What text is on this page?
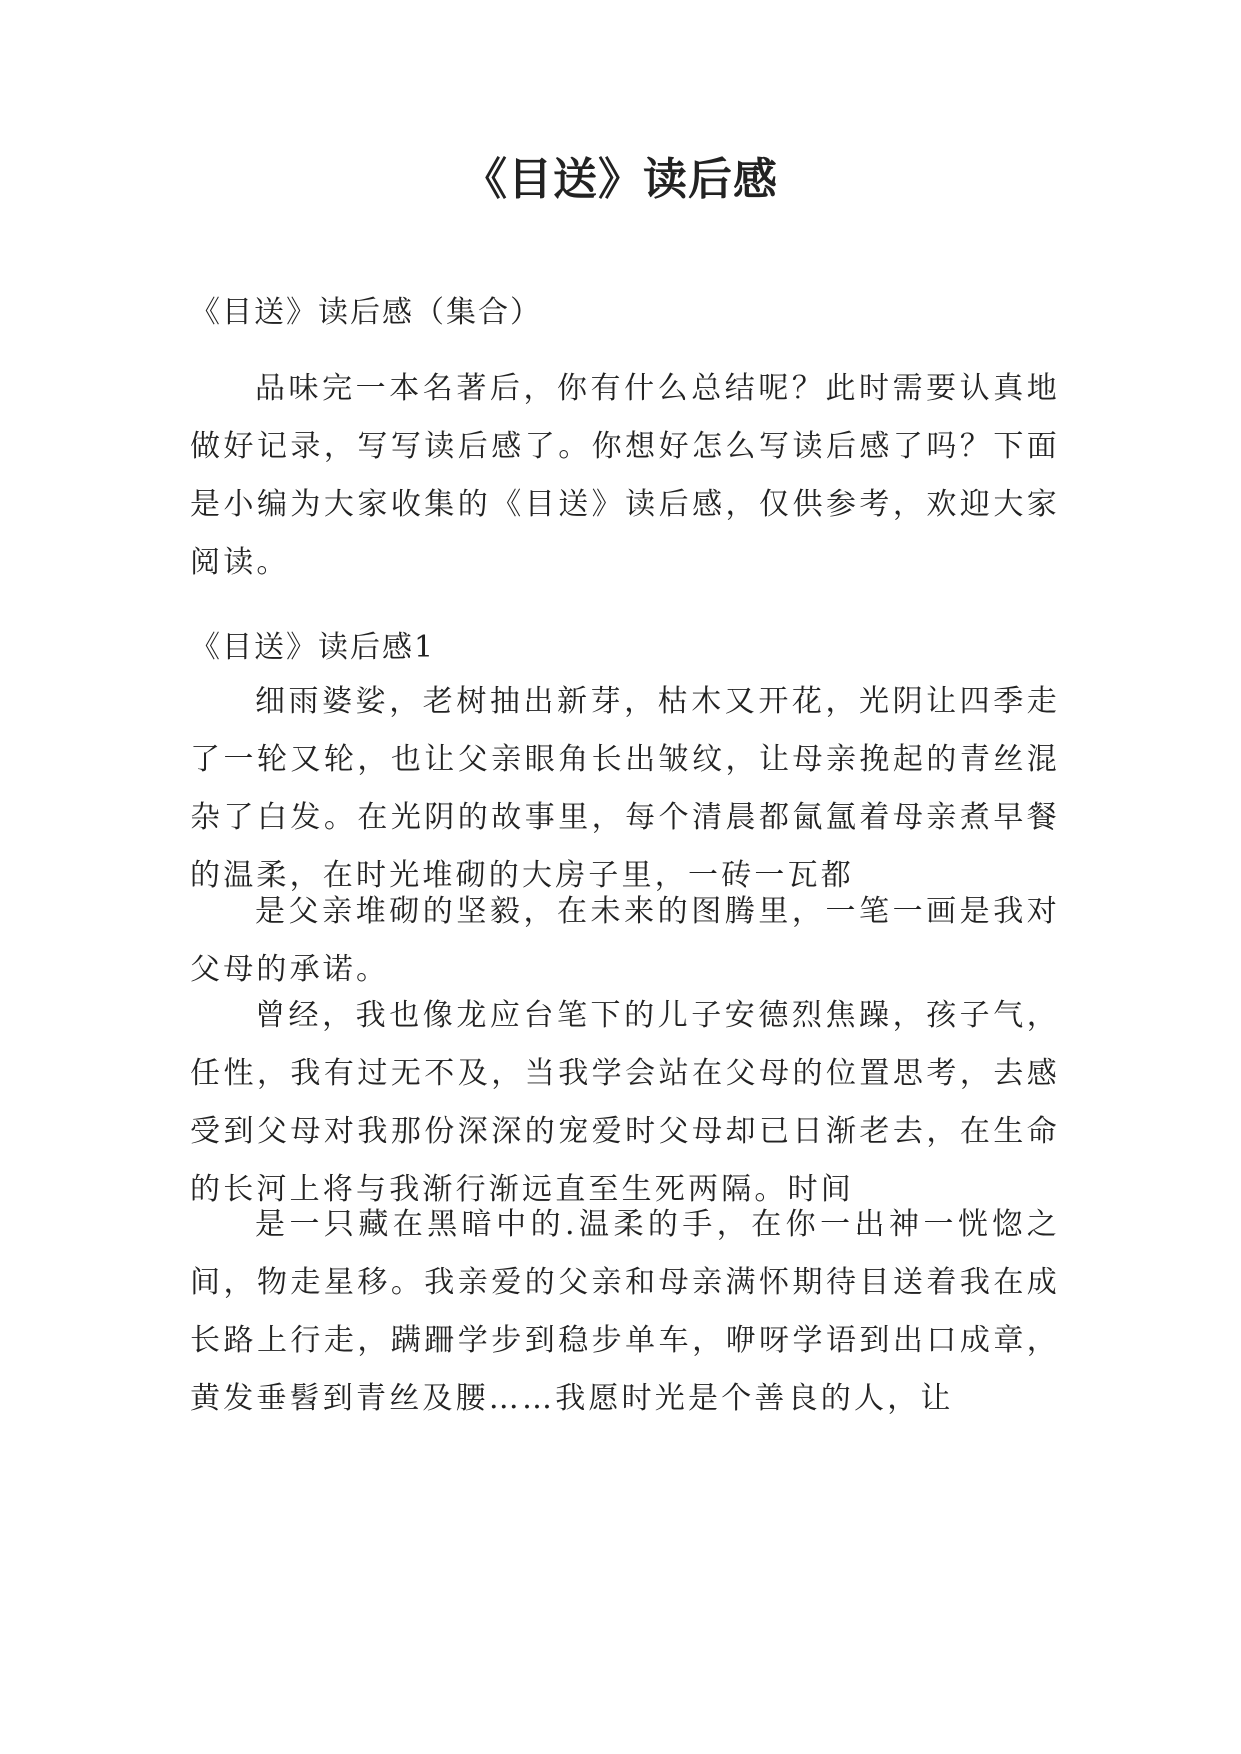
《目送》读后感
《目送》读后感（集合）

品味完一本名著后，你有什么总结呢？此时需要认真地做好记录，写写读后感了。你想好怎么写读后感了吗？下面是小编为大家收集的《目送》读后感，仅供参考，欢迎大家阅读。

《目送》读后感1

细雨婆娑，老树抽出新芽，枯木又开花，光阴让四季走了一轮又轮，也让父亲眼角长出皱纹，让母亲挽起的青丝混杂了白发。在光阴的故事里，每个清晨都氤氲着母亲煮早餐的温柔，在时光堆砌的大房子里，一砖一瓦都

是父亲堆砌的坚毅，在未来的图腾里，一笔一画是我对父母的承诺。

曾经，我也像龙应台笔下的儿子安德烈焦躁，孩子气，任性，我有过无不及，当我学会站在父母的位置思考，去感受到父母对我那份深深的宠爱时父母却已日渐老去，在生命的长河上将与我渐行渐远直至生死两隔。时间

是一只藏在黑暗中的.温柔的手，在你一出神一恍惚之间，物走星移。我亲爱的父亲和母亲满怀期待目送着我在成长路上行走，蹒跚学步到稳步单车，咿呀学语到出口成章，黄发垂髫到青丝及腰……我愿时光是个善良的人，让
